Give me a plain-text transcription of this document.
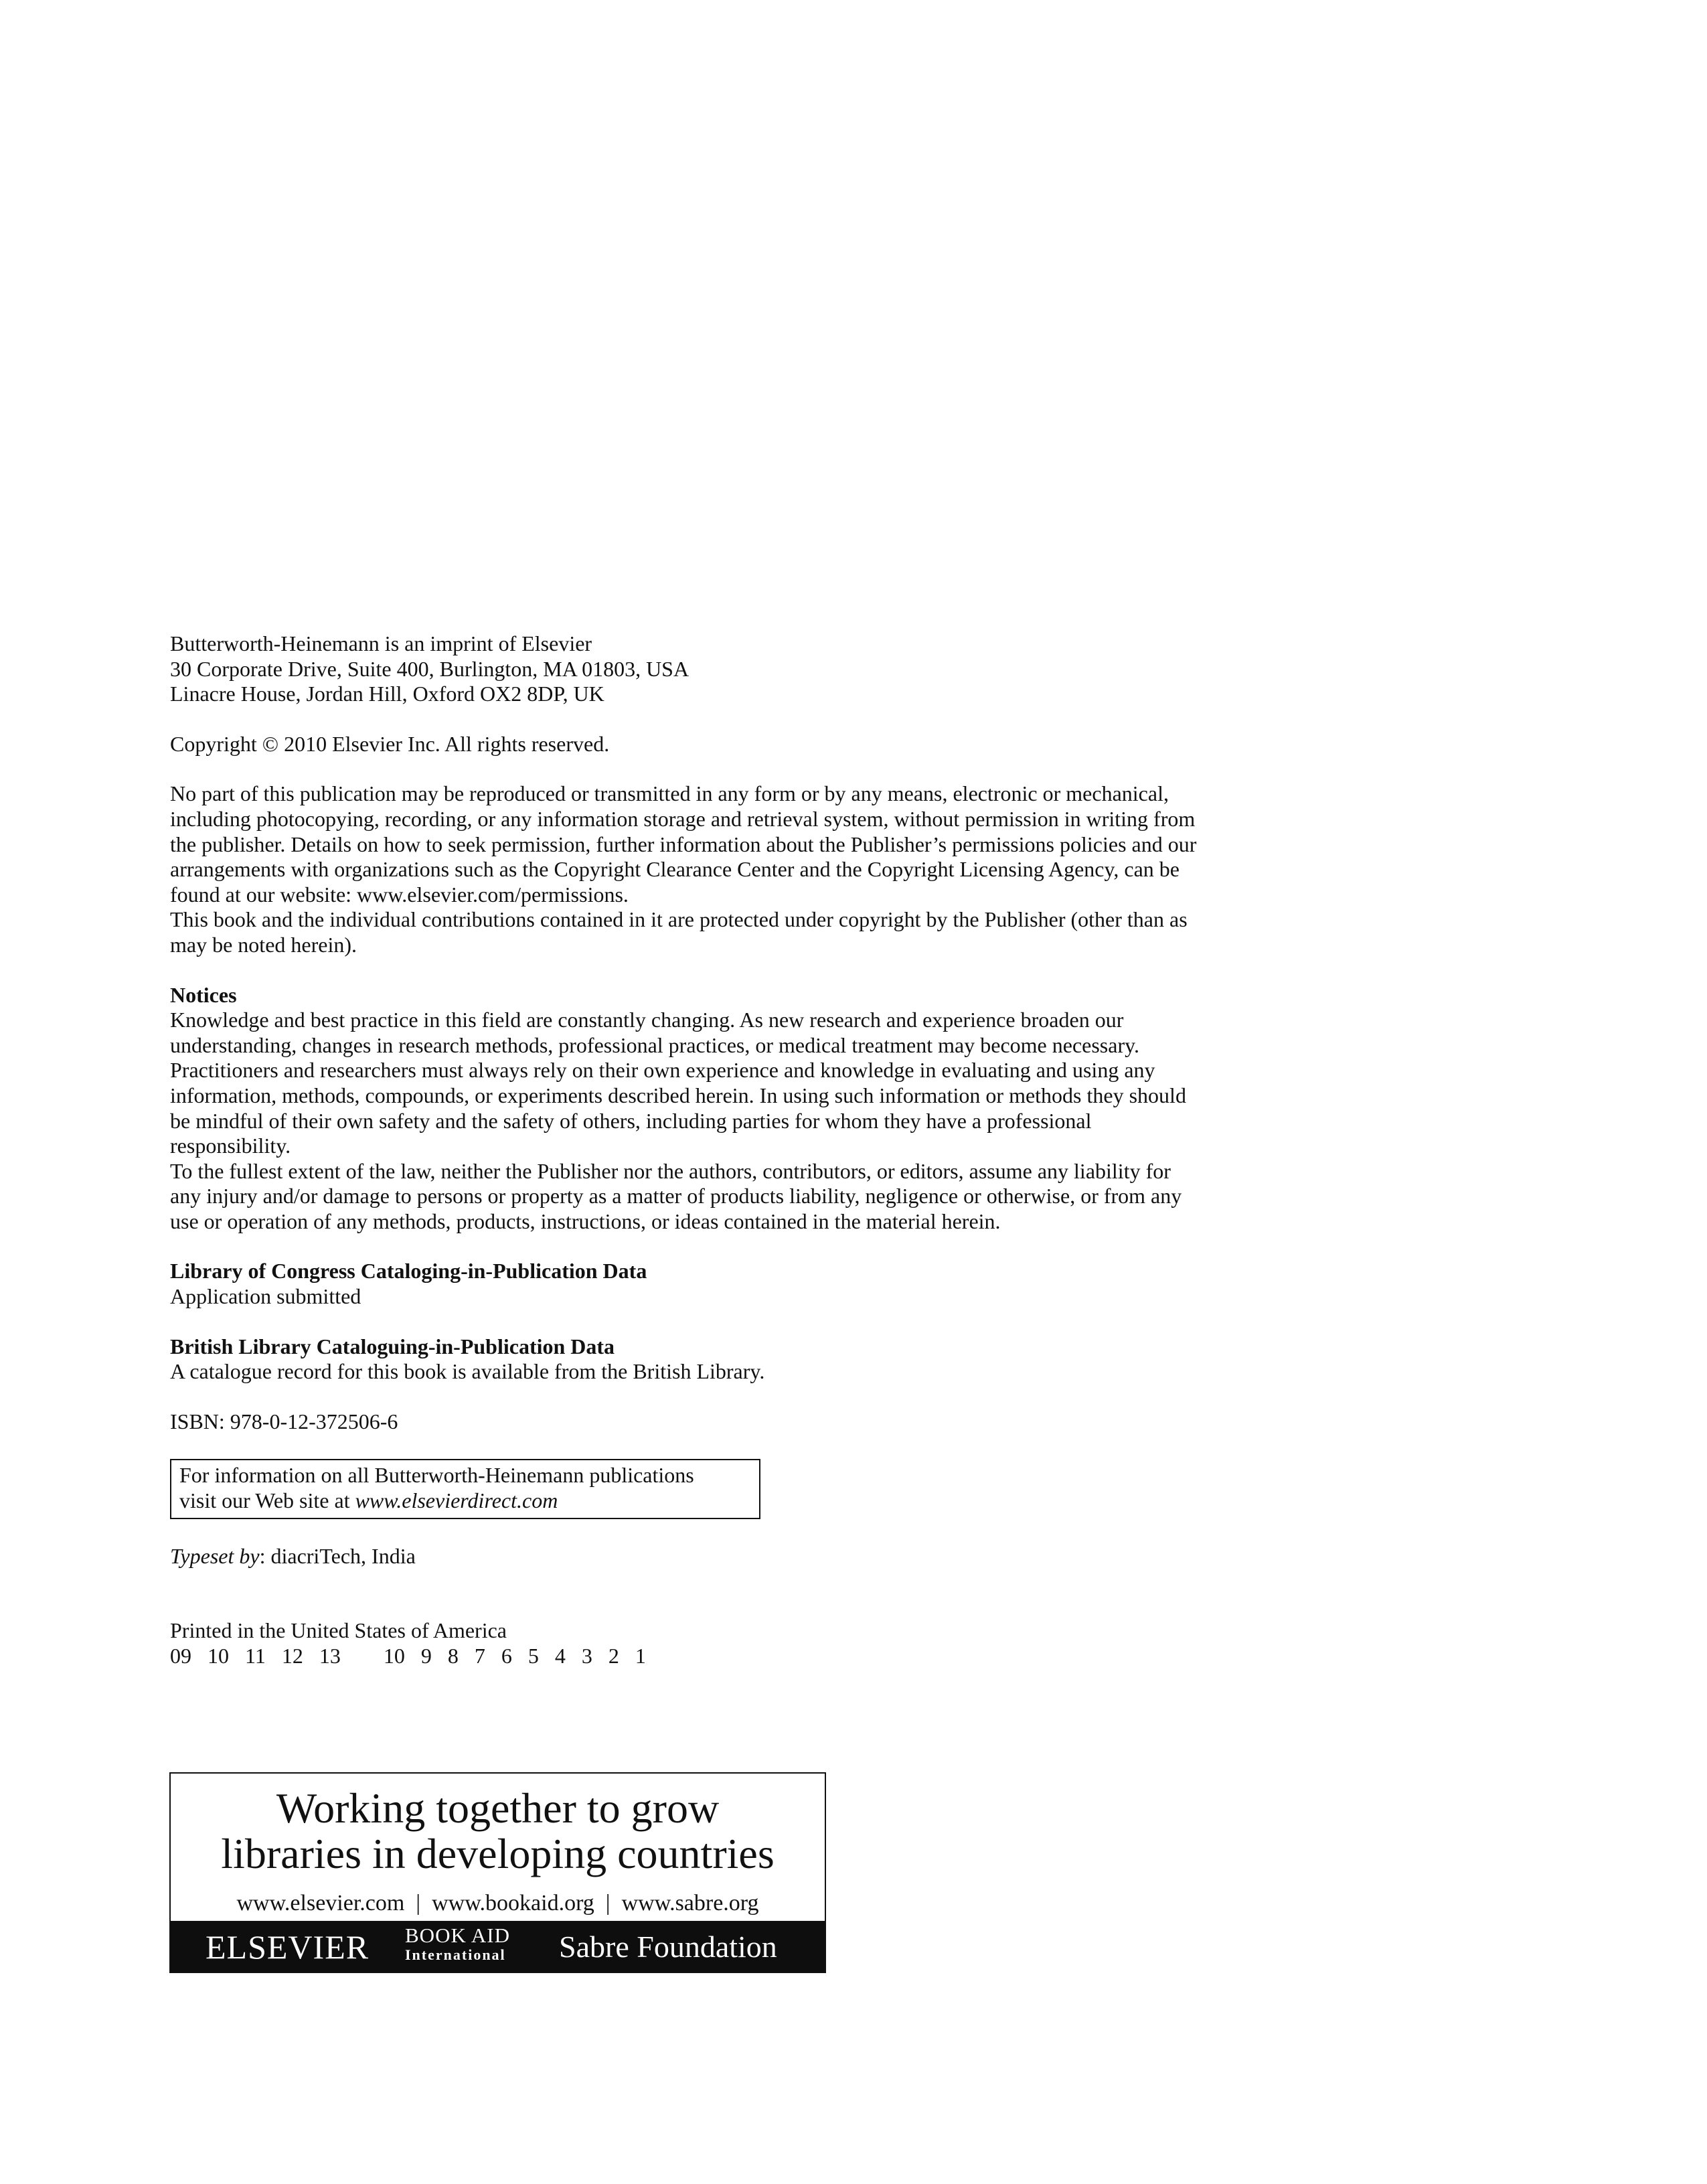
Butterworth-Heinemann is an imprint of Elsevier
30 Corporate Drive, Suite 400, Burlington, MA 01803, USA
Linacre House, Jordan Hill, Oxford OX2 8DP, UK

Copyright © 2010 Elsevier Inc. All rights reserved.

No part of this publication may be reproduced or transmitted in any form or by any means, electronic or mechanical,
including photocopying, recording, or any information storage and retrieval system, without permission in writing from
the publisher. Details on how to seek permission, further information about the Publisher’s permissions policies and our
arrangements with organizations such as the Copyright Clearance Center and the Copyright Licensing Agency, can be
found at our website: www.elsevier.com/permissions.
This book and the individual contributions contained in it are protected under copyright by the Publisher (other than as
may be noted herein).

Notices
Knowledge and best practice in this field are constantly changing. As new research and experience broaden our
understanding, changes in research methods, professional practices, or medical treatment may become necessary.
Practitioners and researchers must always rely on their own experience and knowledge in evaluating and using any
information, methods, compounds, or experiments described herein. In using such information or methods they should
be mindful of their own safety and the safety of others, including parties for whom they have a professional
responsibility.
To the fullest extent of the law, neither the Publisher nor the authors, contributors, or editors, assume any liability for
any injury and/or damage to persons or property as a matter of products liability, negligence or otherwise, or from any
use or operation of any methods, products, instructions, or ideas contained in the material herein.

Library of Congress Cataloging-in-Publication Data
Application submitted

British Library Cataloguing-in-Publication Data
A catalogue record for this book is available from the British Library.

ISBN: 978-0-12-372506-6

For information on all Butterworth-Heinemann publications
visit our Web site at www.elsevierdirect.com

Typeset by: diacriTech, India

Printed in the United States of America
09   10   11   12   13        10   9   8   7   6   5   4   3   2   1

Working together to grow
libraries in developing countries
www.elsevier.com  |  www.bookaid.org  |  www.sabre.org
ELSEVIER BOOK AID
International Sabre Foundation
